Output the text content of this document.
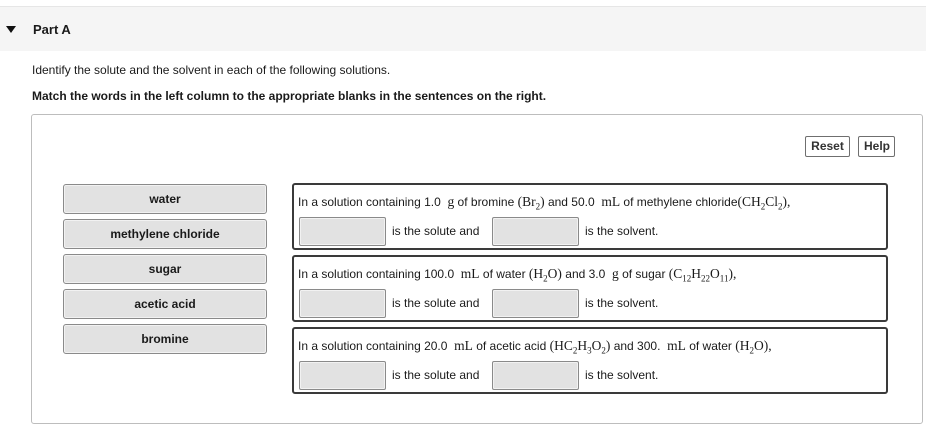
Part A
Identify the solute and the solvent in each of the following solutions.
Match the words in the left column to the appropriate blanks in the sentences on the right.
Reset	Help
water
methylene chloride
sugar
acetic acid
bromine
In a solution containing 1.0 g of bromine $(Br_2)$ and 50.0 mL of methylene $chloride(CH_2Cl_2)$,
is the solute and	is the solvent.
In a solution containing 100.0 mL of water $(H_2O)$ and 3.0 g of sugar $(C_{12}H_{22}O_{11})$,
is the solute and	is the solvent.
In a solution containing 20.0 mL of acetic acid $(HC_2H_3O_2)$ and 300. mL of water $(H_2O)$,
is the solute and	is the solvent.
